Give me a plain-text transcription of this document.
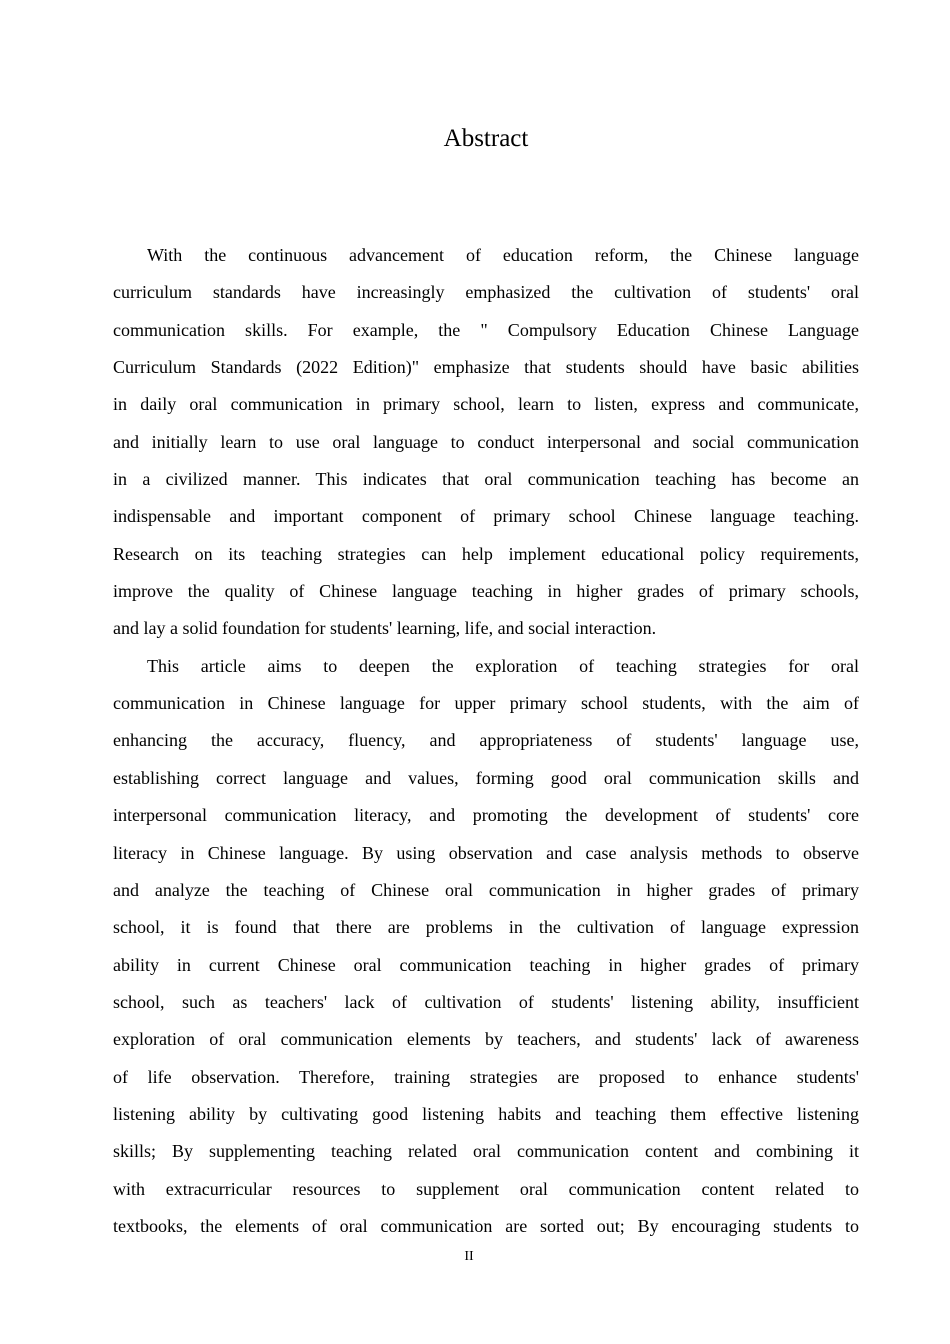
Abstract
With the continuous advancement of education reform, the Chinese language
curriculum standards have increasingly emphasized the cultivation of students' oral
communication skills. For example, the " Compulsory Education Chinese Language
Curriculum Standards (2022 Edition)" emphasize that students should have basic abilities
in daily oral communication in primary school, learn to listen, express and communicate,
and initially learn to use oral language to conduct interpersonal and social communication
in a civilized manner. This indicates that oral communication teaching has become an
indispensable and important component of primary school Chinese language teaching.
Research on its teaching strategies can help implement educational policy requirements,
improve the quality of Chinese language teaching in higher grades of primary schools,
and lay a solid foundation for students' learning, life, and social interaction.
This article aims to deepen the exploration of teaching strategies for oral
communication in Chinese language for upper primary school students, with the aim of
enhancing the accuracy, fluency, and appropriateness of students' language use,
establishing correct language and values, forming good oral communication skills and
interpersonal communication literacy, and promoting the development of students' core
literacy in Chinese language. By using observation and case analysis methods to observe
and analyze the teaching of Chinese oral communication in higher grades of primary
school, it is found that there are problems in the cultivation of language expression
ability in current Chinese oral communication teaching in higher grades of primary
school, such as teachers' lack of cultivation of students' listening ability, insufficient
exploration of oral communication elements by teachers, and students' lack of awareness
of life observation. Therefore, training strategies are proposed to enhance students'
listening ability by cultivating good listening habits and teaching them effective listening
skills; By supplementing teaching related oral communication content and combining it
with extracurricular resources to supplement oral communication content related to
textbooks, the elements of oral communication are sorted out; By encouraging students to
II
